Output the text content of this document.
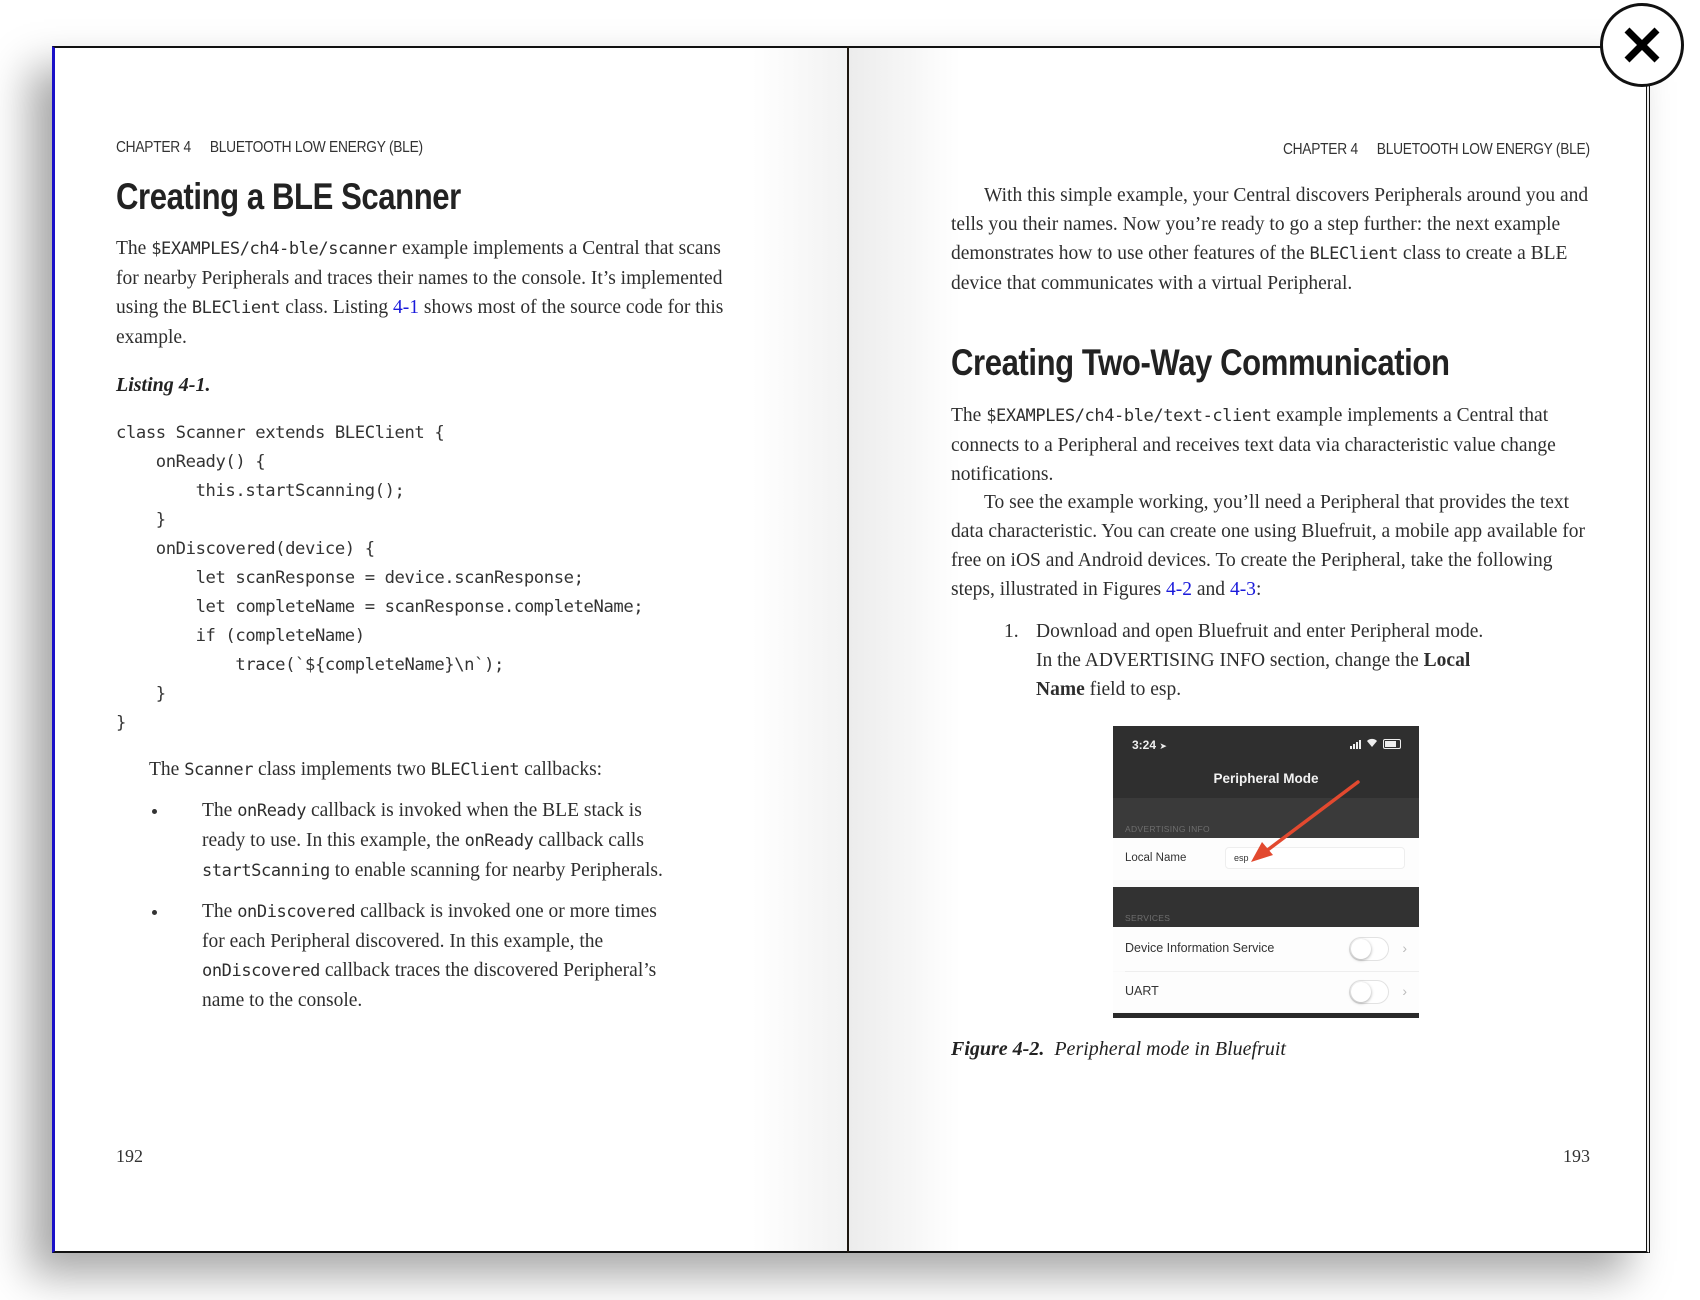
CHAPTER 4 BLUETOOTH LOW ENERGY (BLE)
Creating a BLE Scanner

The $EXAMPLES/ch4-ble/scanner example implements a Central that scans for nearby Peripherals and traces their names to the console. It’s implemented using the BLEClient class. Listing 4-1 shows most of the source code for this example.

Listing 4-1.
class Scanner extends BLEClient {
onReady() {
this.startScanning();
}
onDiscovered(device) {
let scanResponse = device.scanResponse;
let completeName = scanResponse.completeName;
if (completeName)
trace(`${completeName}\n`);
}
}

The Scanner class implements two BLEClient callbacks:

The onReady callback is invoked when the BLE stack is ready to use. In this example, the onReady callback calls startScanning to enable scanning for nearby Peripherals.
The onDiscovered callback is invoked one or more times for each Peripheral discovered. In this example, the onDiscovered callback traces the discovered Peripheral’s name to the console.
192
CHAPTER 4 BLUETOOTH LOW ENERGY (BLE)

With this simple example, your Central discovers Peripherals around you and tells you their names. Now you’re ready to go a step further: the next example demonstrates how to use other features of the BLEClient class to create a BLE device that communicates with a virtual Peripheral.

Creating Two-Way Communication

The $EXAMPLES/ch4-ble/text-client example implements a Central that connects to a Peripheral and receives text data via characteristic value change notifications.

To see the example working, you’ll need a Peripheral that provides the text data characteristic. You can create one using Bluefruit, a mobile app available for free on iOS and Android devices. To create the Peripheral, take the following steps, illustrated in Figures 4-2 and 4-3:

1. Download and open Bluefruit and enter Peripheral mode. In the ADVERTISING INFO section, change the Local Name field to esp.
3:24 ➤
Peripheral Mode
ADVERTISING INFO
Local Name	esp
SERVICES
Device Information Service	›
UART	›
Figure 4-2. Peripheral mode in Bluefruit
193
